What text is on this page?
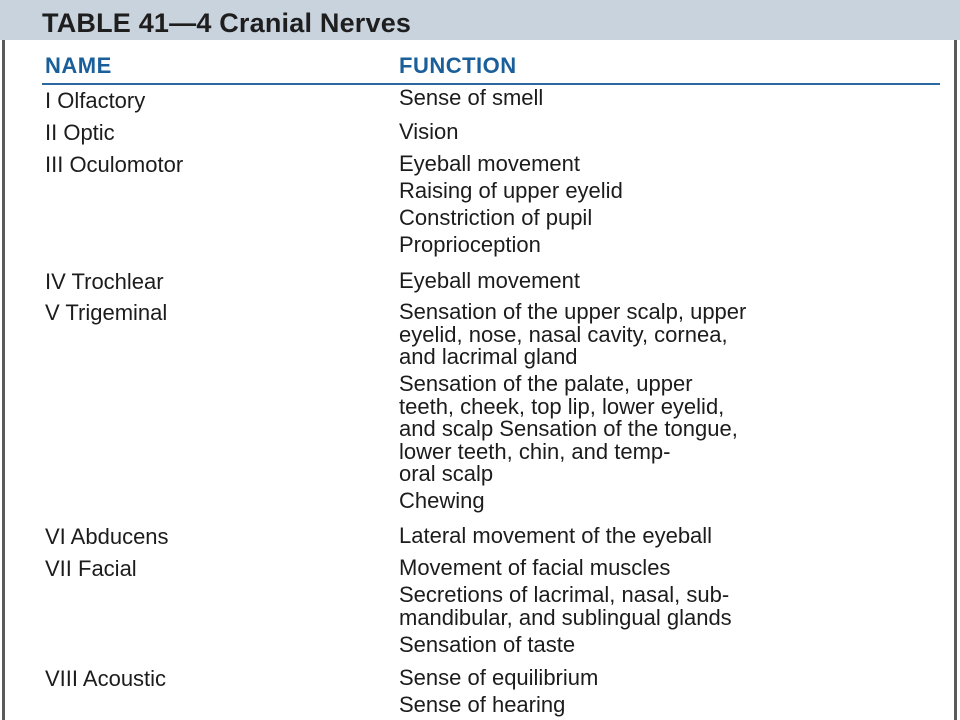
TABLE 41—4 Cranial Nerves
NAME	FUNCTION
I Olfactory	Sense of smell
II Optic	Vision
III Oculomotor	Eyeball movement
Raising of upper eyelid
Constriction of pupil
Proprioception
IV Trochlear	Eyeball movement
V Trigeminal	Sensation of the upper scalp, upper
eyelid, nose, nasal cavity, cornea,
and lacrimal gland
Sensation of the palate, upper
teeth, cheek, top lip, lower eyelid,
and scalp Sensation of the tongue,
lower teeth, chin, and temp-
oral scalp
Chewing
VI Abducens	Lateral movement of the eyeball
VII Facial	Movement of facial muscles
Secretions of lacrimal, nasal, sub-
mandibular, and sublingual glands
Sensation of taste
VIII Acoustic	Sense of equilibrium
Sense of hearing
